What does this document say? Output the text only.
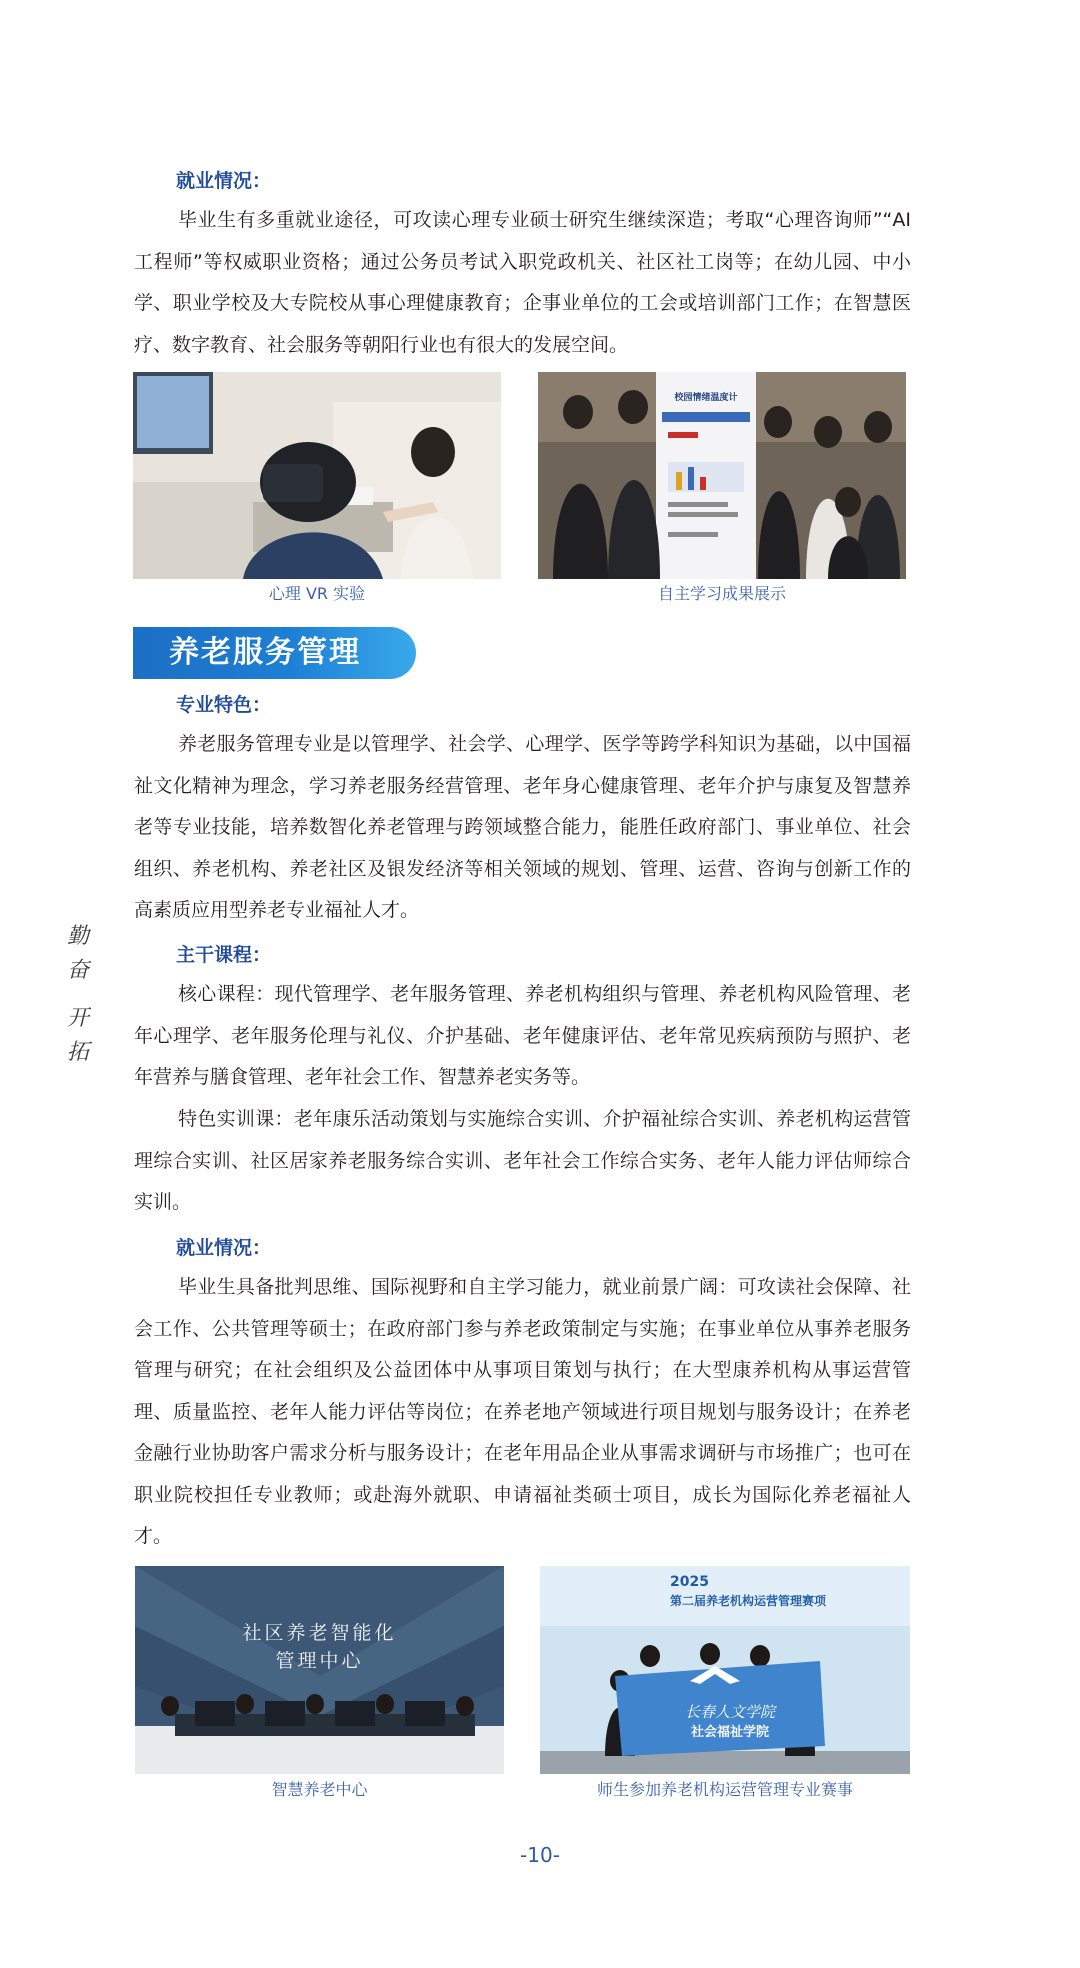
就业情况：

毕业生有多重就业途径，可攻读心理专业硕士研究生继续深造；考取“心理咨询师”“AI 工程师”等权威职业资格；通过公务员考试入职党政机关、社区社工岗等；在幼儿园、中小学、职业学校及大专院校从事心理健康教育；企事业单位的工会或培训部门工作；在智慧医疗、数字教育、社会服务等朝阳行业也有很大的发展空间。

心理 VR 实验

校园情绪温度计

自主学习成果展示

养老服务管理
专业特色：

养老服务管理专业是以管理学、社会学、心理学、医学等跨学科知识为基础，以中国福祉文化精神为理念，学习养老服务经营管理、老年身心健康管理、老年介护与康复及智慧养老等专业技能，培养数智化养老管理与跨领域整合能力，能胜任政府部门、事业单位、社会组织、养老机构、养老社区及银发经济等相关领域的规划、管理、运营、咨询与创新工作的高素质应用型养老专业福祉人才。

主干课程：

核心课程：现代管理学、老年服务管理、养老机构组织与管理、养老机构风险管理、老年心理学、老年服务伦理与礼仪、介护基础、老年健康评估、老年常见疾病预防与照护、老年营养与膳食管理、老年社会工作、智慧养老实务等。

特色实训课：老年康乐活动策划与实施综合实训、介护福祉综合实训、养老机构运营管理综合实训、社区居家养老服务综合实训、老年社会工作综合实务、老年人能力评估师综合实训。

就业情况：

毕业生具备批判思维、国际视野和自主学习能力，就业前景广阔：可攻读社会保障、社会工作、公共管理等硕士；在政府部门参与养老政策制定与实施；在事业单位从事养老服务管理与研究；在社会组织及公益团体中从事项目策划与执行；在大型康养机构从事运营管理、质量监控、老年人能力评估等岗位；在养老地产领域进行项目规划与服务设计；在养老金融行业协助客户需求分析与服务设计；在老年用品企业从事需求调研与市场推广；也可在职业院校担任专业教师；或赴海外就职、申请福祉类硕士项目，成长为国际化养老福祉人才。

社区养老智能化
管理中心

智慧养老中心

2025
第二届养老机构运营管理赛项
长春人文学院
社会福祉学院

师生参加养老机构运营管理专业赛事

勤
奋
开
拓
-10-
